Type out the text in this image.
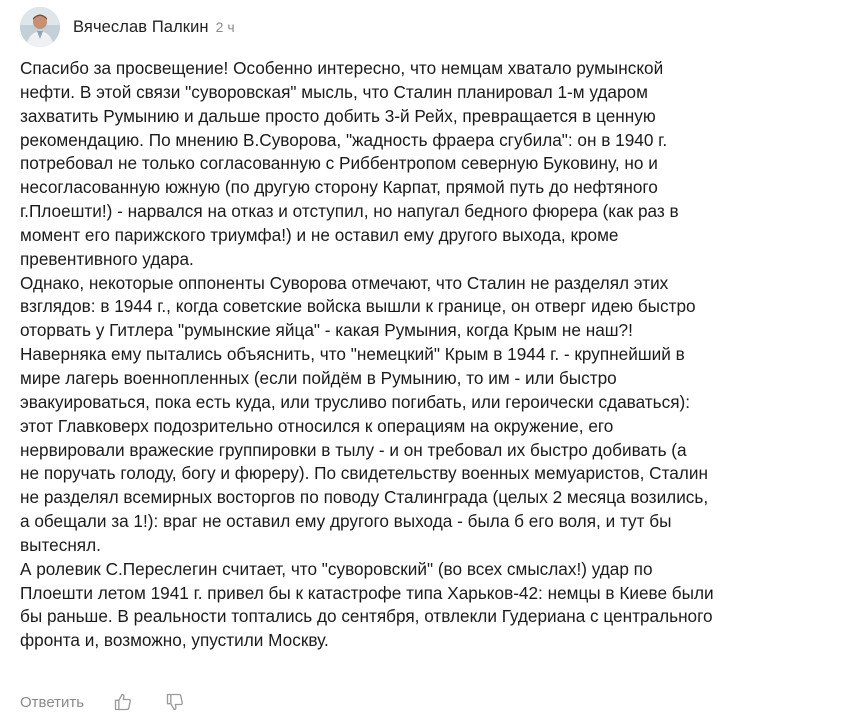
Вячеслав Палкин 2 ч

Спасибо за просвещение! Особенно интересно, что немцам хватало румынской
нефти. В этой связи "суворовская" мысль, что Сталин планировал 1-м ударом
захватить Румынию и дальше просто добить 3-й Рейх, превращается в ценную
рекомендацию. По мнению В.Суворова, "жадность фраера сгубила": он в 1940 г.
потребовал не только согласованную с Риббентропом северную Буковину, но и
несогласованную южную (по другую сторону Карпат, прямой путь до нефтяного
г.Плоешти!) - нарвался на отказ и отступил, но напугал бедного фюрера (как раз в
момент его парижского триумфа!) и не оставил ему другого выхода, кроме
превентивного удара.

Однако, некоторые оппоненты Суворова отмечают, что Сталин не разделял этих
взглядов: в 1944 г., когда советские войска вышли к границе, он отверг идею быстро
оторвать у Гитлера "румынские яйца" - какая Румыния, когда Крым не наш?!
Наверняка ему пытались объяснить, что "немецкий" Крым в 1944 г. - крупнейший в
мире лагерь военнопленных (если пойдём в Румынию, то им - или быстро
эвакуироваться, пока есть куда, или трусливо погибать, или героически сдаваться):
этот Главковерх подозрительно относился к операциям на окружение, его
нервировали вражеские группировки в тылу - и он требовал их быстро добивать (а
не поручать голоду, богу и фюреру). По свидетельству военных мемуаристов, Сталин
не разделял всемирных восторгов по поводу Сталинграда (целых 2 месяца возились,
а обещали за 1!): враг не оставил ему другого выхода - была б его воля, и тут бы
вытеснял.

А ролевик С.Переслегин считает, что "суворовский" (во всех смыслах!) удар по
Плоешти летом 1941 г. привел бы к катастрофе типа Харьков-42: немцы в Киеве были
бы раньше. В реальности топтались до сентября, отвлекли Гудериана с центрального
фронта и, возможно, упустили Москву.

Ответить
